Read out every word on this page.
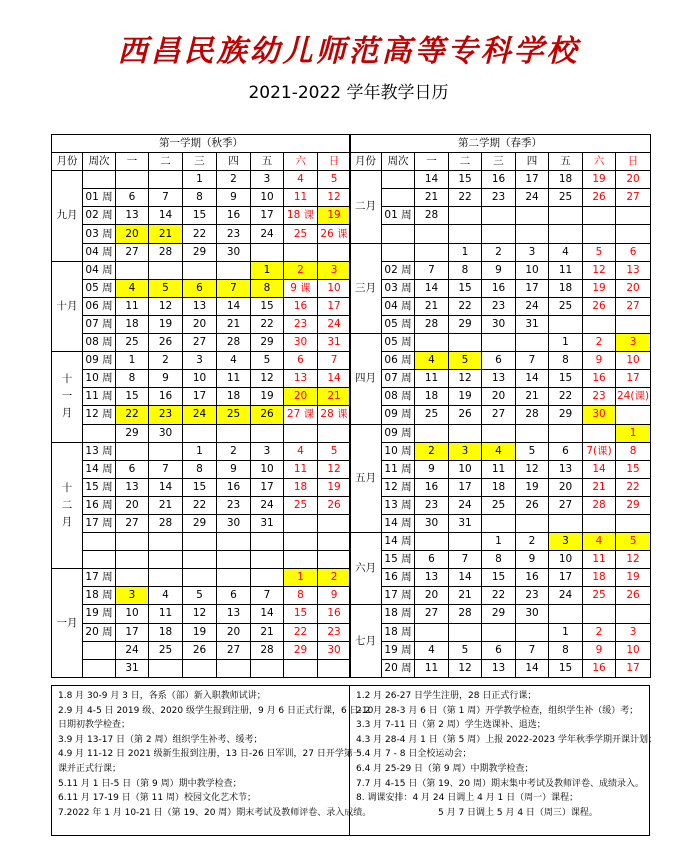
西昌民族幼儿师范高等专科学校
2021-2022 学年教学日历
第一学期（秋季）								
月份	周次	一	二	三	四	五	六	日
九月				1	2	3	4	5
	01 周	6	7	8	9	10	11	12
	02 周	13	14	15	16	17	18 课	19
	03 周	20	21	22	23	24	25	26 课
	04 周	27	28	29	30			
十月	04 周					1	2	3
	05 周	4	5	6	7	8	9 课	10
	06 周	11	12	13	14	15	16	17
	07 周	18	19	20	21	22	23	24
	08 周	25	26	27	28	29	30	31
十
一
月	09 周	1	2	3	4	5	6	7
	10 周	8	9	10	11	12	13	14
	11 周	15	16	17	18	19	20	21
	12 周	22	23	24	25	26	27 课	28 课
		29	30					
十
二
月	13 周			1	2	3	4	5
	14 周	6	7	8	9	10	11	12
	15 周	13	14	15	16	17	18	19
	16 周	20	21	22	23	24	25	26
	17 周	27	28	29	30	31		

一月	17 周						1	2
	18 周	3	4	5	6	7	8	9
	19 周	10	11	12	13	14	15	16
	20 周	17	18	19	20	21	22	23
		24	25	26	27	28	29	30
		31						
第二学期（春季）								
月份	周次	一	二	三	四	五	六	日
二月		14	15	16	17	18	19	20
		21	22	23	24	25	26	27
	01 周	28						

三月			1	2	3	4	5	6
	02 周	7	8	9	10	11	12	13
	03 周	14	15	16	17	18	19	20
	04 周	21	22	23	24	25	26	27
	05 周	28	29	30	31			
四月	05 周					1	2	3
	06 周	4	5	6	7	8	9	10
	07 周	11	12	13	14	15	16	17
	08 周	18	19	20	21	22	23	24(课)
	09 周	25	26	27	28	29	30	
五月	09 周							1
	10 周	2	3	4	5	6	7(课)	8
	11 周	9	10	11	12	13	14	15
	12 周	16	17	18	19	20	21	22
	13 周	23	24	25	26	27	28	29
	14 周	30	31					
六月	14 周			1	2	3	4	5
	15 周	6	7	8	9	10	11	12
	16 周	13	14	15	16	17	18	19
	17 周	20	21	22	23	24	25	26
七月	18 周	27	28	29	30			
	18 周					1	2	3
	19 周	4	5	6	7	8	9	10
	20 周	11	12	13	14	15	16	17
1.8 月 30-9 月 3 日，各系（部）新入职教师试讲；
2.9 月 4-5 日 2019 级、2020 级学生报到注册，9 月 6 日正式行课，6 日-10
日期初教学检查；
3.9 月 13-17 日（第 2 周）组织学生补考、缓考；
4.9 月 11-12 日 2021 级新生报到注册，13 日-26 日军训，27 日开学第一
课并正式行课；
5.11 月 1 日-5 日（第 9 周）期中教学检查；
6.11 月 17-19 日（第 11 周）校园文化艺术节；
7.2022 年 1 月 10-21 日（第 19、20 周）期末考试及教师评卷、录入成绩。
1.2 月 26-27 日学生注册，28 日正式行课；
2.2 月 28-3 月 6 日（第 1 周）开学教学检查，组织学生补（缓）考；
3.3 月 7-11 日（第 2 周）学生选课补、退选；
4.3 月 28-4 月 1 日（第 5 周）上报 2022-2023 学年秋季学期开课计划；
5.4 月 7 - 8 日全校运动会；
6.4 月 25-29 日（第 9 周）中期教学检查；
7.7 月 4-15 日（第 19、20 周）期末集中考试及教师评卷、成绩录入。
8. 调课安排：4 月 24 日调上 4 月 1 日（周一）课程；
5 月 7 日调上 5 月 4 日（周三）课程。
